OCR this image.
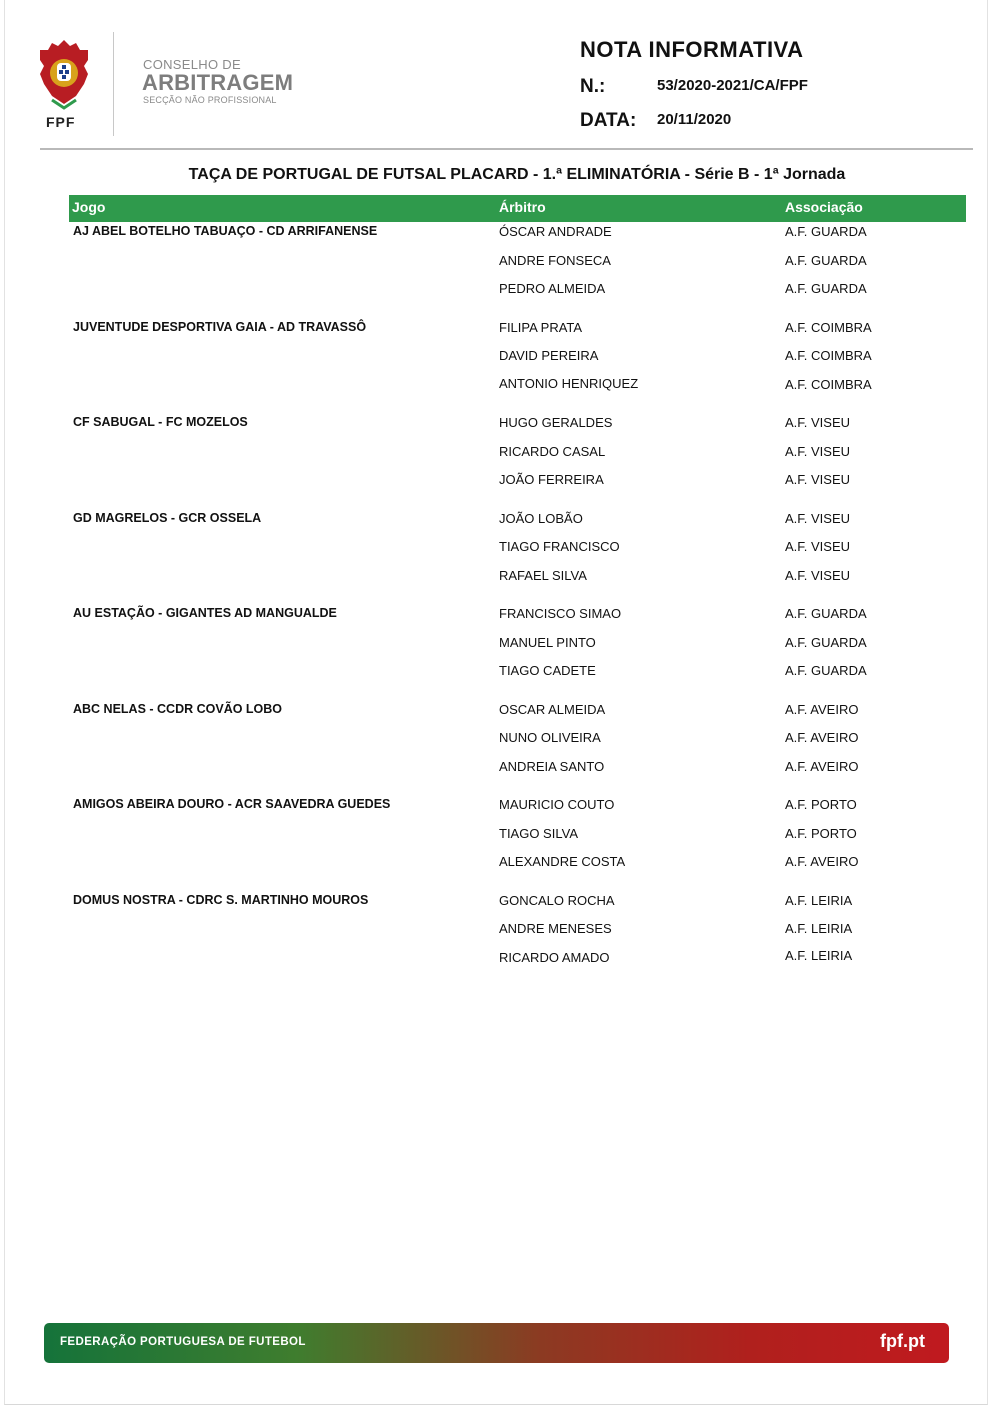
FPF
CONSELHO DE
ARBITRAGEM
SECÇÃO NÃO PROFISSIONAL
NOTA INFORMATIVA
N.:	53/2020-2021/CA/FPF
DATA: 20/11/2020
TAÇA DE PORTUGAL DE FUTSAL PLACARD - 1.ª ELIMINATÓRIA - Série B - 1ª Jornada
Jogo	Árbitro	Associação
AJ ABEL BOTELHO TABUAÇO - CD ARRIFANENSE	ÓSCAR ANDRADE	A.F. GUARDA
ANDRE FONSECA	A.F. GUARDA
PEDRO ALMEIDA	A.F. GUARDA
JUVENTUDE DESPORTIVA GAIA - AD TRAVASSÔ	FILIPA PRATA	A.F. COIMBRA
DAVID PEREIRA	A.F. COIMBRA
ANTONIO HENRIQUEZ	A.F. COIMBRA
CF SABUGAL - FC MOZELOS	HUGO GERALDES	A.F. VISEU
RICARDO CASAL	A.F. VISEU
JOÃO FERREIRA	A.F. VISEU
GD MAGRELOS - GCR OSSELA	JOÃO LOBÃO	A.F. VISEU
TIAGO FRANCISCO	A.F. VISEU
RAFAEL SILVA	A.F. VISEU
AU ESTAÇÃO - GIGANTES AD MANGUALDE	FRANCISCO SIMAO	A.F. GUARDA
MANUEL PINTO	A.F. GUARDA
TIAGO CADETE	A.F. GUARDA
ABC NELAS - CCDR COVÃO LOBO	OSCAR ALMEIDA	A.F. AVEIRO
NUNO OLIVEIRA	A.F. AVEIRO
ANDREIA SANTO	A.F. AVEIRO
AMIGOS ABEIRA DOURO - ACR SAAVEDRA GUEDES	MAURICIO COUTO	A.F. PORTO
TIAGO SILVA	A.F. PORTO
ALEXANDRE COSTA	A.F. AVEIRO
DOMUS NOSTRA - CDRC S. MARTINHO MOUROS	GONCALO ROCHA	A.F. LEIRIA
ANDRE MENESES	A.F. LEIRIA
RICARDO AMADO	A.F. LEIRIA
FEDERAÇÃO PORTUGUESA DE FUTEBOL	fpf.pt
